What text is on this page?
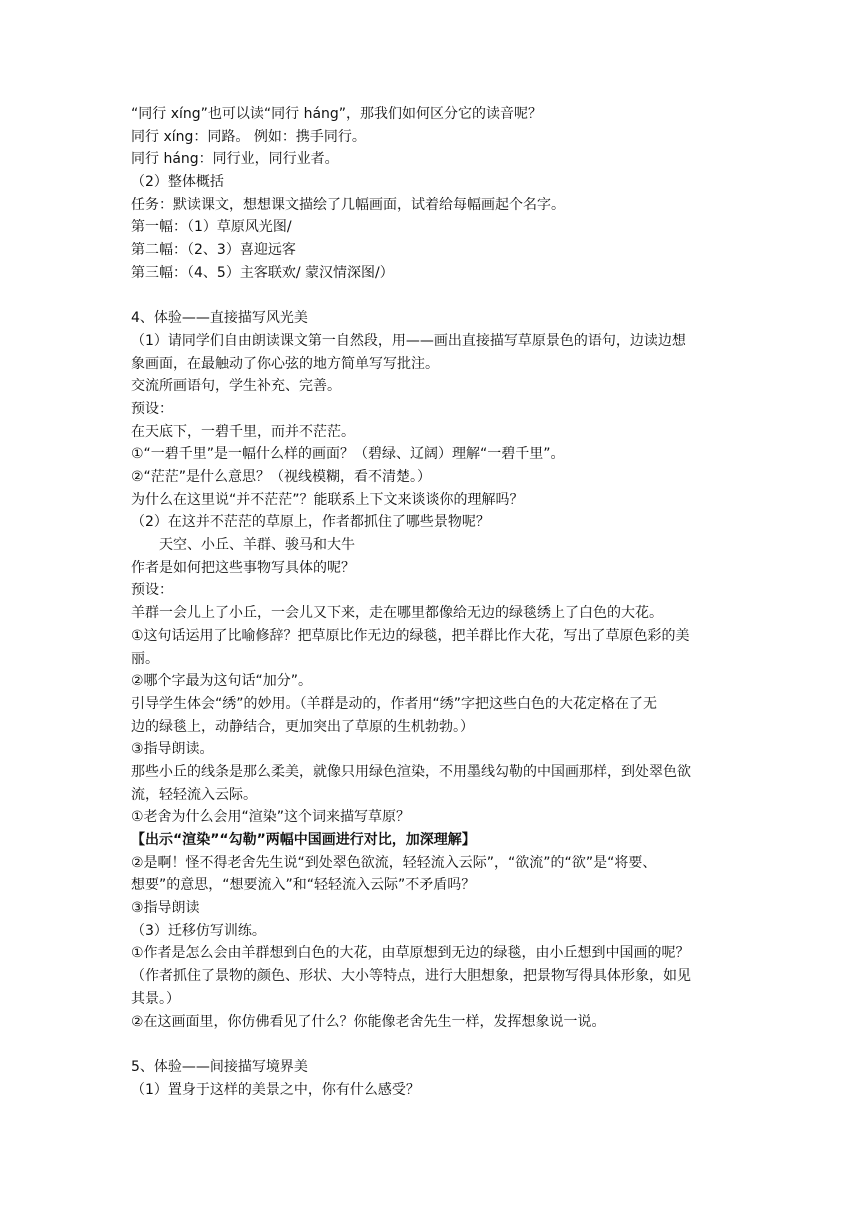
“同行 xíng”也可以读“同行 háng”，那我们如何区分它的读音呢？
同行 xíng：同路。 例如：携手同行。
同行 háng：同行业，同行业者。
（2）整体概括
任务：默读课文，想想课文描绘了几幅画面，试着给每幅画起个名字。
第一幅：（1）草原风光图/
第二幅：（2、3）喜迎远客
第三幅：（4、5）主客联欢/ 蒙汉情深图/）
4、体验——直接描写风光美
（1）请同学们自由朗读课文第一自然段，用——画出直接描写草原景色的语句，边读边想
象画面，在最触动了你心弦的地方简单写写批注。
交流所画语句，学生补充、完善。
预设：
在天底下，一碧千里，而并不茫茫。
①“一碧千里”是一幅什么样的画面？（碧绿、辽阔）理解“一碧千里”。
②“茫茫”是什么意思？（视线模糊，看不清楚。）
为什么在这里说“并不茫茫”？能联系上下文来谈谈你的理解吗？
（2）在这并不茫茫的草原上，作者都抓住了哪些景物呢？
天空、小丘、羊群、骏马和大牛
作者是如何把这些事物写具体的呢？
预设：
羊群一会儿上了小丘，一会儿又下来，走在哪里都像给无边的绿毯绣上了白色的大花。
①这句话运用了比喻修辞？把草原比作无边的绿毯，把羊群比作大花，写出了草原色彩的美
丽。
②哪个字最为这句话“加分”。
引导学生体会“绣”的妙用。（羊群是动的，作者用“绣”字把这些白色的大花定格在了无
边的绿毯上，动静结合，更加突出了草原的生机勃勃。）
③指导朗读。
那些小丘的线条是那么柔美，就像只用绿色渲染，不用墨线勾勒的中国画那样，到处翠色欲
流，轻轻流入云际。
①老舍为什么会用“渲染”这个词来描写草原？
【出示“渲染”“勾勒”两幅中国画进行对比，加深理解】
②是啊！怪不得老舍先生说“到处翠色欲流，轻轻流入云际”，“欲流”的“欲”是“将要、
想要”的意思，“想要流入”和“轻轻流入云际”不矛盾吗？
③指导朗读
（3）迁移仿写训练。
①作者是怎么会由羊群想到白色的大花，由草原想到无边的绿毯，由小丘想到中国画的呢？
（作者抓住了景物的颜色、形状、大小等特点，进行大胆想象，把景物写得具体形象，如见
其景。）
②在这画面里，你仿佛看见了什么？你能像老舍先生一样，发挥想象说一说。
5、体验——间接描写境界美
（1）置身于这样的美景之中，你有什么感受？
